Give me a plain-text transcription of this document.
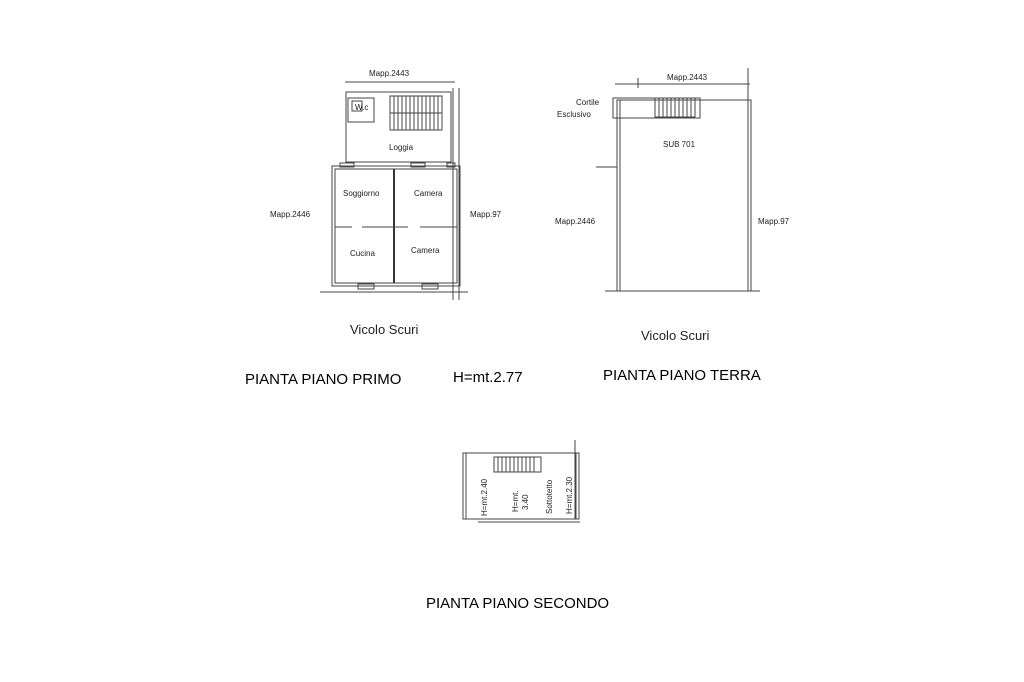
Mapp.2443
W.c
Loggia
Soggiorno	Camera
Cucina	Camera
Mapp.2446	Mapp.97
Vicolo Scuri
PIANTA PIANO PRIMO	H=mt.2.77
Mapp.2443
Cortile
Esclusivo
SUB 701
Mapp.2446	Mapp.97
Vicolo Scuri
PIANTA PIANO TERRA
H=mt.2.40	H=mt. 3.40 Sottotetto H=mt.2.30
PIANTA PIANO SECONDO
